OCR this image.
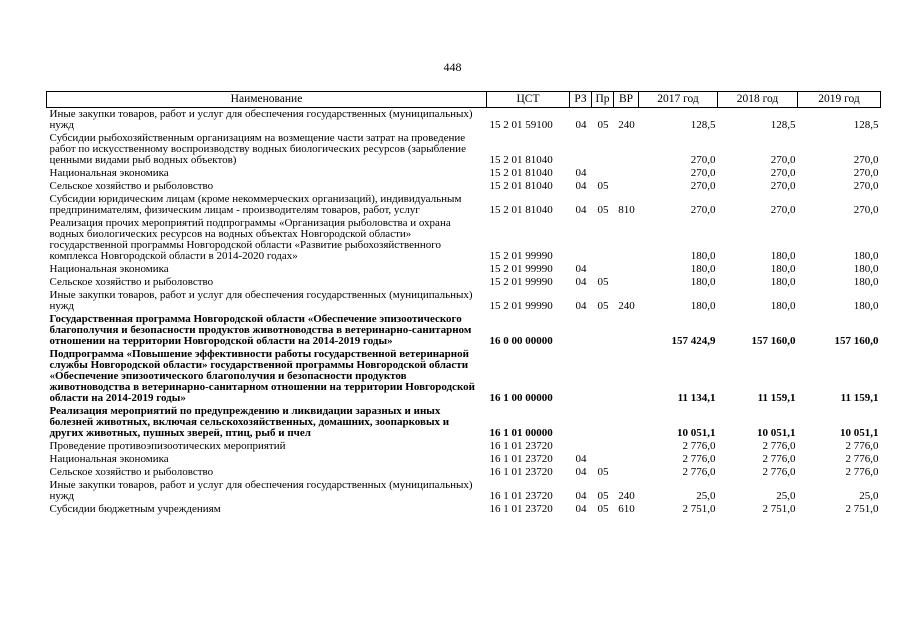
448
Наименование	ЦСТ	РЗ	Пр	ВР	2017 год	2018 год	2019 год
Иные закупки товаров, работ и услуг для обеспечения государственных (муниципальных) нужд	15 2 01 59100	04	05	240	128,5	128,5	128,5
Субсидии рыбохозяйственным организациям на возмещение части затрат на проведение работ по искусственному воспроизводству водных биологических ресурсов (зарыбление ценными видами рыб водных объектов)	15 2 01 81040				270,0	270,0	270,0
Национальная экономика	15 2 01 81040	04			270,0	270,0	270,0
Сельское хозяйство и рыболовство	15 2 01 81040	04	05		270,0	270,0	270,0
Субсидии юридическим лицам (кроме некоммерческих организаций), индивидуальным предпринимателям, физическим лицам - производителям товаров, работ, услуг	15 2 01 81040	04	05	810	270,0	270,0	270,0
Реализация прочих мероприятий подпрограммы «Организация рыболовства и охрана водных биологических ресурсов на водных объектах Новгородской области» государственной программы Новгородской области «Развитие рыбохозяйственного комплекса Новгородской области в 2014-2020 годах»	15 2 01 99990				180,0	180,0	180,0
Национальная экономика	15 2 01 99990	04			180,0	180,0	180,0
Сельское хозяйство и рыболовство	15 2 01 99990	04	05		180,0	180,0	180,0
Иные закупки товаров, работ и услуг для обеспечения государственных (муниципальных) нужд	15 2 01 99990	04	05	240	180,0	180,0	180,0
Государственная программа Новгородской области «Обеспечение эпизоотического благополучия и безопасности продуктов животноводства в ветеринарно-санитарном отношении на территории Новгородской области на 2014-2019 годы»	16 0 00 00000				157 424,9	157 160,0	157 160,0
Подпрограмма «Повышение эффективности работы государственной ветеринарной службы Новгородской области» государственной программы Новгородской области «Обеспечение эпизоотического благополучия и безопасности продуктов животноводства в ветеринарно-санитарном отношении на территории Новгородской области на 2014-2019 годы»	16 1 00 00000				11 134,1	11 159,1	11 159,1
Реализация мероприятий по предупреждению и ликвидации заразных и иных болезней животных, включая сельскохозяйственных, домашних, зоопарковых и других животных, пушных зверей, птиц, рыб и пчел	16 1 01 00000				10 051,1	10 051,1	10 051,1
Проведение противоэпизоотических мероприятий	16 1 01 23720				2 776,0	2 776,0	2 776,0
Национальная экономика	16 1 01 23720	04			2 776,0	2 776,0	2 776,0
Сельское хозяйство и рыболовство	16 1 01 23720	04	05		2 776,0	2 776,0	2 776,0
Иные закупки товаров, работ и услуг для обеспечения государственных (муниципальных) нужд	16 1 01 23720	04	05	240	25,0	25,0	25,0
Субсидии бюджетным учреждениям	16 1 01 23720	04	05	610	2 751,0	2 751,0	2 751,0
